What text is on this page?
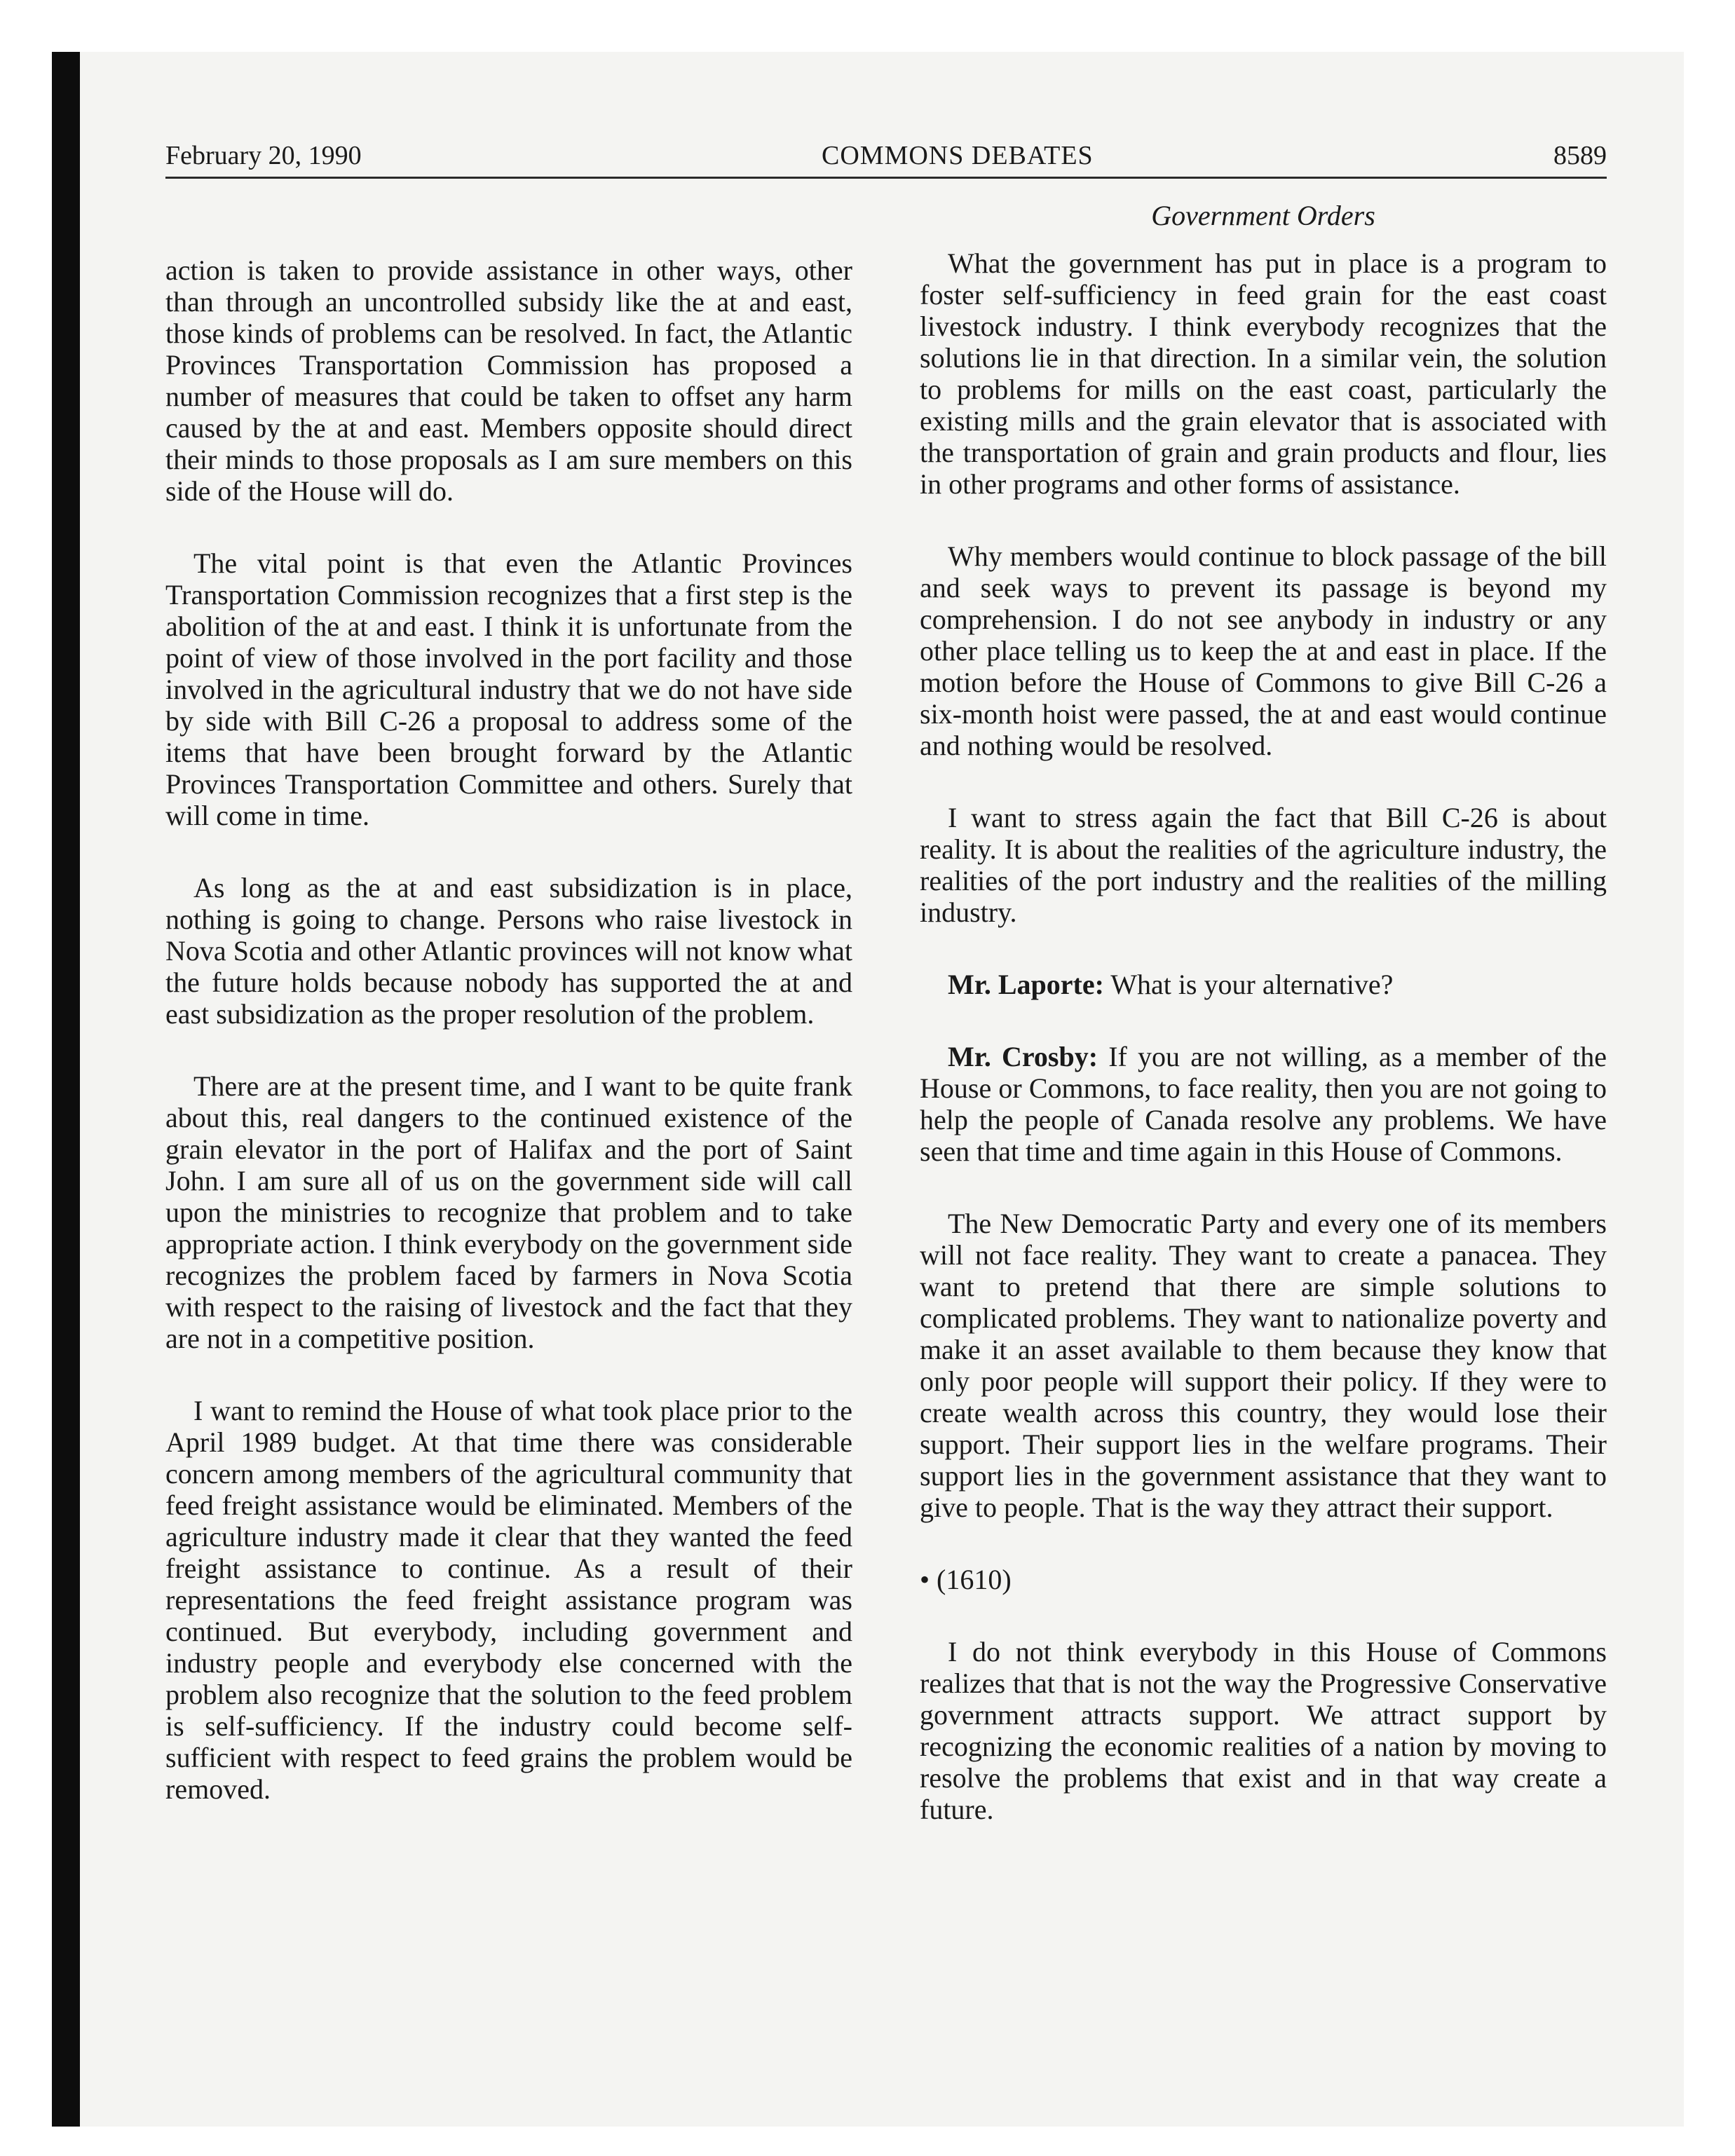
February 20, 1990	COMMONS DEBATES	8589

action is taken to provide assistance in other ways, other than through an uncontrolled subsidy like the at and east, those kinds of problems can be resolved. In fact, the Atlantic Provinces Transportation Commission has proposed a number of measures that could be taken to offset any harm caused by the at and east. Members opposite should direct their minds to those proposals as I am sure members on this side of the House will do.

The vital point is that even the Atlantic Provinces Transportation Commission recognizes that a first step is the abolition of the at and east. I think it is unfortunate from the point of view of those involved in the port facility and those involved in the agricultural industry that we do not have side by side with Bill C-26 a proposal to address some of the items that have been brought forward by the Atlantic Provinces Transportation Committee and others. Surely that will come in time.

As long as the at and east subsidization is in place, nothing is going to change. Persons who raise livestock in Nova Scotia and other Atlantic provinces will not know what the future holds because nobody has supported the at and east subsidization as the proper resolution of the problem.

There are at the present time, and I want to be quite frank about this, real dangers to the continued existence of the grain elevator in the port of Halifax and the port of Saint John. I am sure all of us on the government side will call upon the ministries to recognize that problem and to take appropriate action. I think everybody on the government side recognizes the problem faced by farmers in Nova Scotia with respect to the raising of livestock and the fact that they are not in a competitive position.

I want to remind the House of what took place prior to the April 1989 budget. At that time there was considerable concern among members of the agricultural community that feed freight assistance would be eliminated. Members of the agriculture industry made it clear that they wanted the feed freight assistance to continue. As a result of their representations the feed freight assistance program was continued. But everybody, including government and industry people and everybody else concerned with the problem also recognize that the solution to the feed problem is self-sufficiency. If the industry could become self-sufficient with respect to feed grains the problem would be removed.

Government Orders

What the government has put in place is a program to foster self-sufficiency in feed grain for the east coast livestock industry. I think everybody recognizes that the solutions lie in that direction. In a similar vein, the solution to problems for mills on the east coast, particularly the existing mills and the grain elevator that is associated with the transportation of grain and grain products and flour, lies in other programs and other forms of assistance.

Why members would continue to block passage of the bill and seek ways to prevent its passage is beyond my comprehension. I do not see anybody in industry or any other place telling us to keep the at and east in place. If the motion before the House of Commons to give Bill C-26 a six-month hoist were passed, the at and east would continue and nothing would be resolved.

I want to stress again the fact that Bill C-26 is about reality. It is about the realities of the agriculture industry, the realities of the port industry and the realities of the milling industry.

Mr. Laporte: What is your alternative?

Mr. Crosby: If you are not willing, as a member of the House or Commons, to face reality, then you are not going to help the people of Canada resolve any problems. We have seen that time and time again in this House of Commons.

The New Democratic Party and every one of its members will not face reality. They want to create a panacea. They want to pretend that there are simple solutions to complicated problems. They want to nationalize poverty and make it an asset available to them because they know that only poor people will support their policy. If they were to create wealth across this country, they would lose their support. Their support lies in the welfare programs. Their support lies in the government assistance that they want to give to people. That is the way they attract their support.

• (1610)

I do not think everybody in this House of Commons realizes that that is not the way the Progressive Conservative government attracts support. We attract support by recognizing the economic realities of a nation by moving to resolve the problems that exist and in that way create a future.
